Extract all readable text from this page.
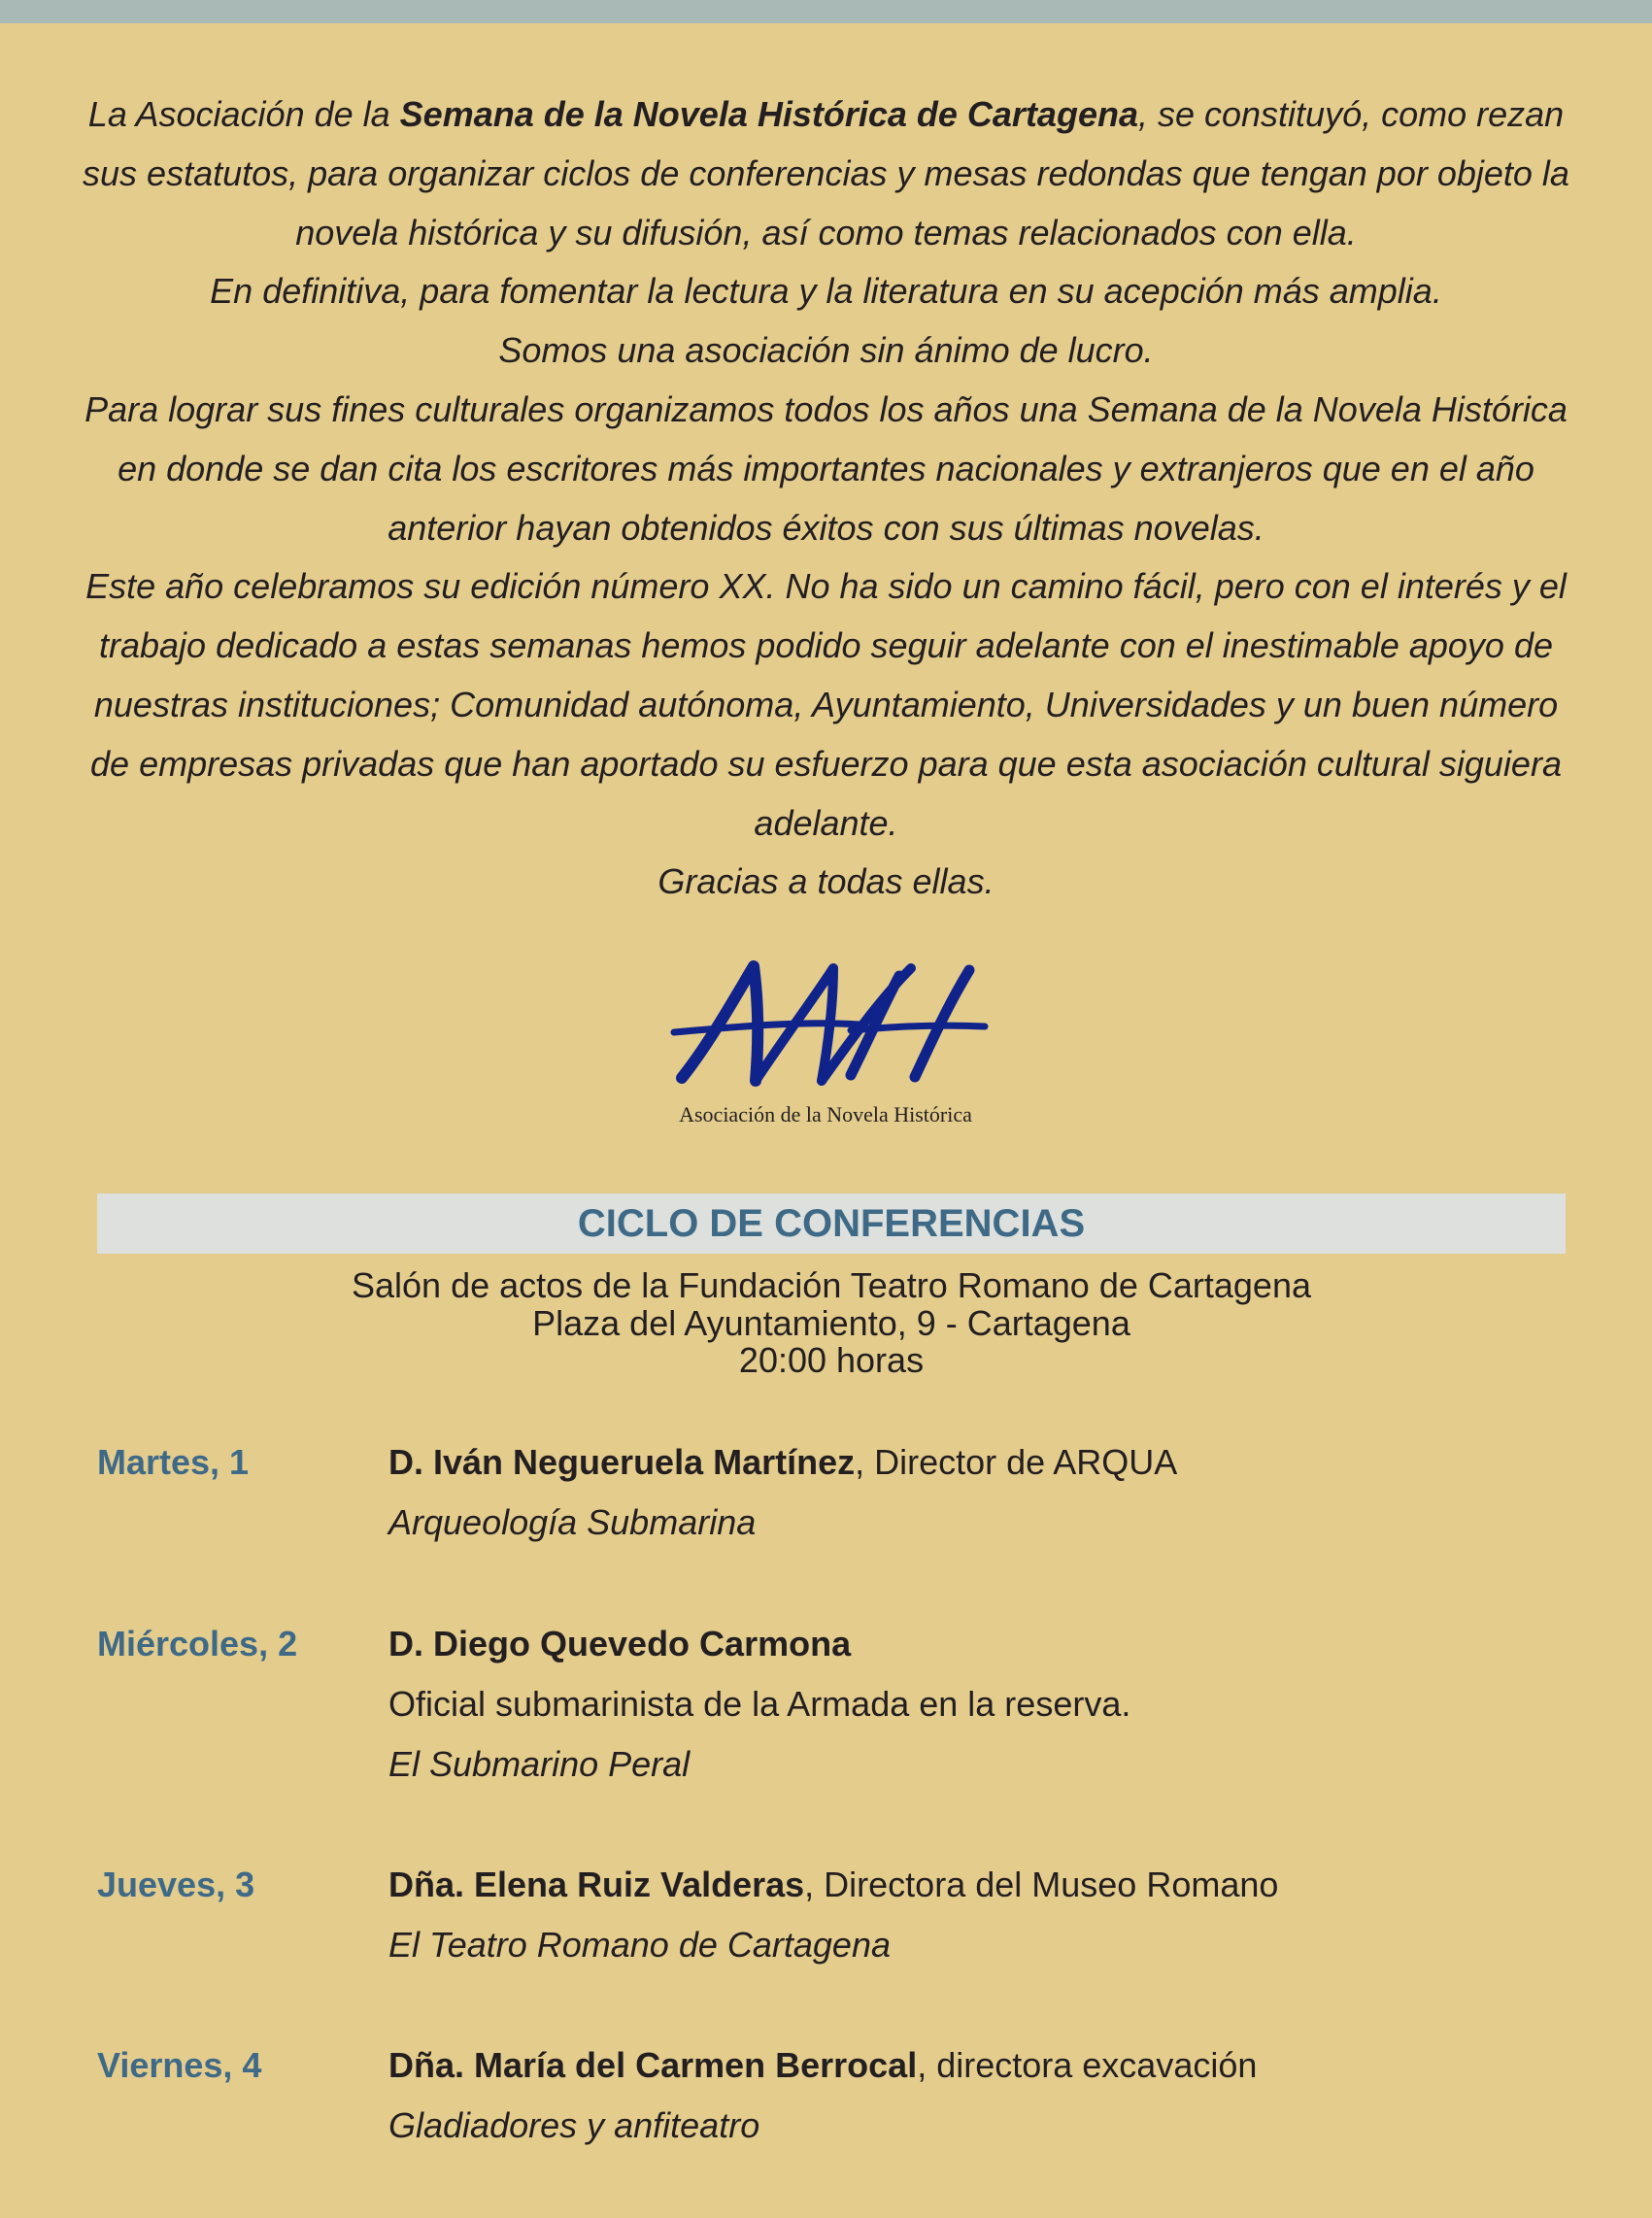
La Asociación de la Semana de la Novela Histórica de Cartagena, se constituyó, como rezan sus estatutos, para organizar ciclos de conferencias y mesas redondas que tengan por objeto la novela histórica y su difusión, así como temas relacionados con ella.

En definitiva, para fomentar la lectura y la literatura en su acepción más amplia.

Somos una asociación sin ánimo de lucro.

Para lograr sus fines culturales organizamos todos los años una Semana de la Novela Histórica en donde se dan cita los escritores más importantes nacionales y extranjeros que en el año anterior hayan obtenidos éxitos con sus últimas novelas.

Este año celebramos su edición número XX. No ha sido un camino fácil, pero con el interés y el trabajo dedicado a estas semanas hemos podido seguir adelante con el inestimable apoyo de nuestras instituciones; Comunidad autónoma, Ayuntamiento, Universidades y un buen número de empresas privadas que han aportado su esfuerzo para que esta asociación cultural siguiera adelante.

Gracias a todas ellas.

Asociación de la Novela Histórica
CICLO DE CONFERENCIAS
Salón de actos de la Fundación Teatro Romano de Cartagena
Plaza del Ayuntamiento, 9 - Cartagena
20:00 horas
Martes, 1	D. Iván Negueruela Martínez, Director de ARQUA
Arqueología Submarina
Miércoles, 2	D. Diego Quevedo Carmona
Oficial submarinista de la Armada en la reserva.
El Submarino Peral
Jueves, 3	Dña. Elena Ruiz Valderas, Directora del Museo Romano
El Teatro Romano de Cartagena
Viernes, 4	Dña. María del Carmen Berrocal, directora excavación
Gladiadores y anfiteatro
